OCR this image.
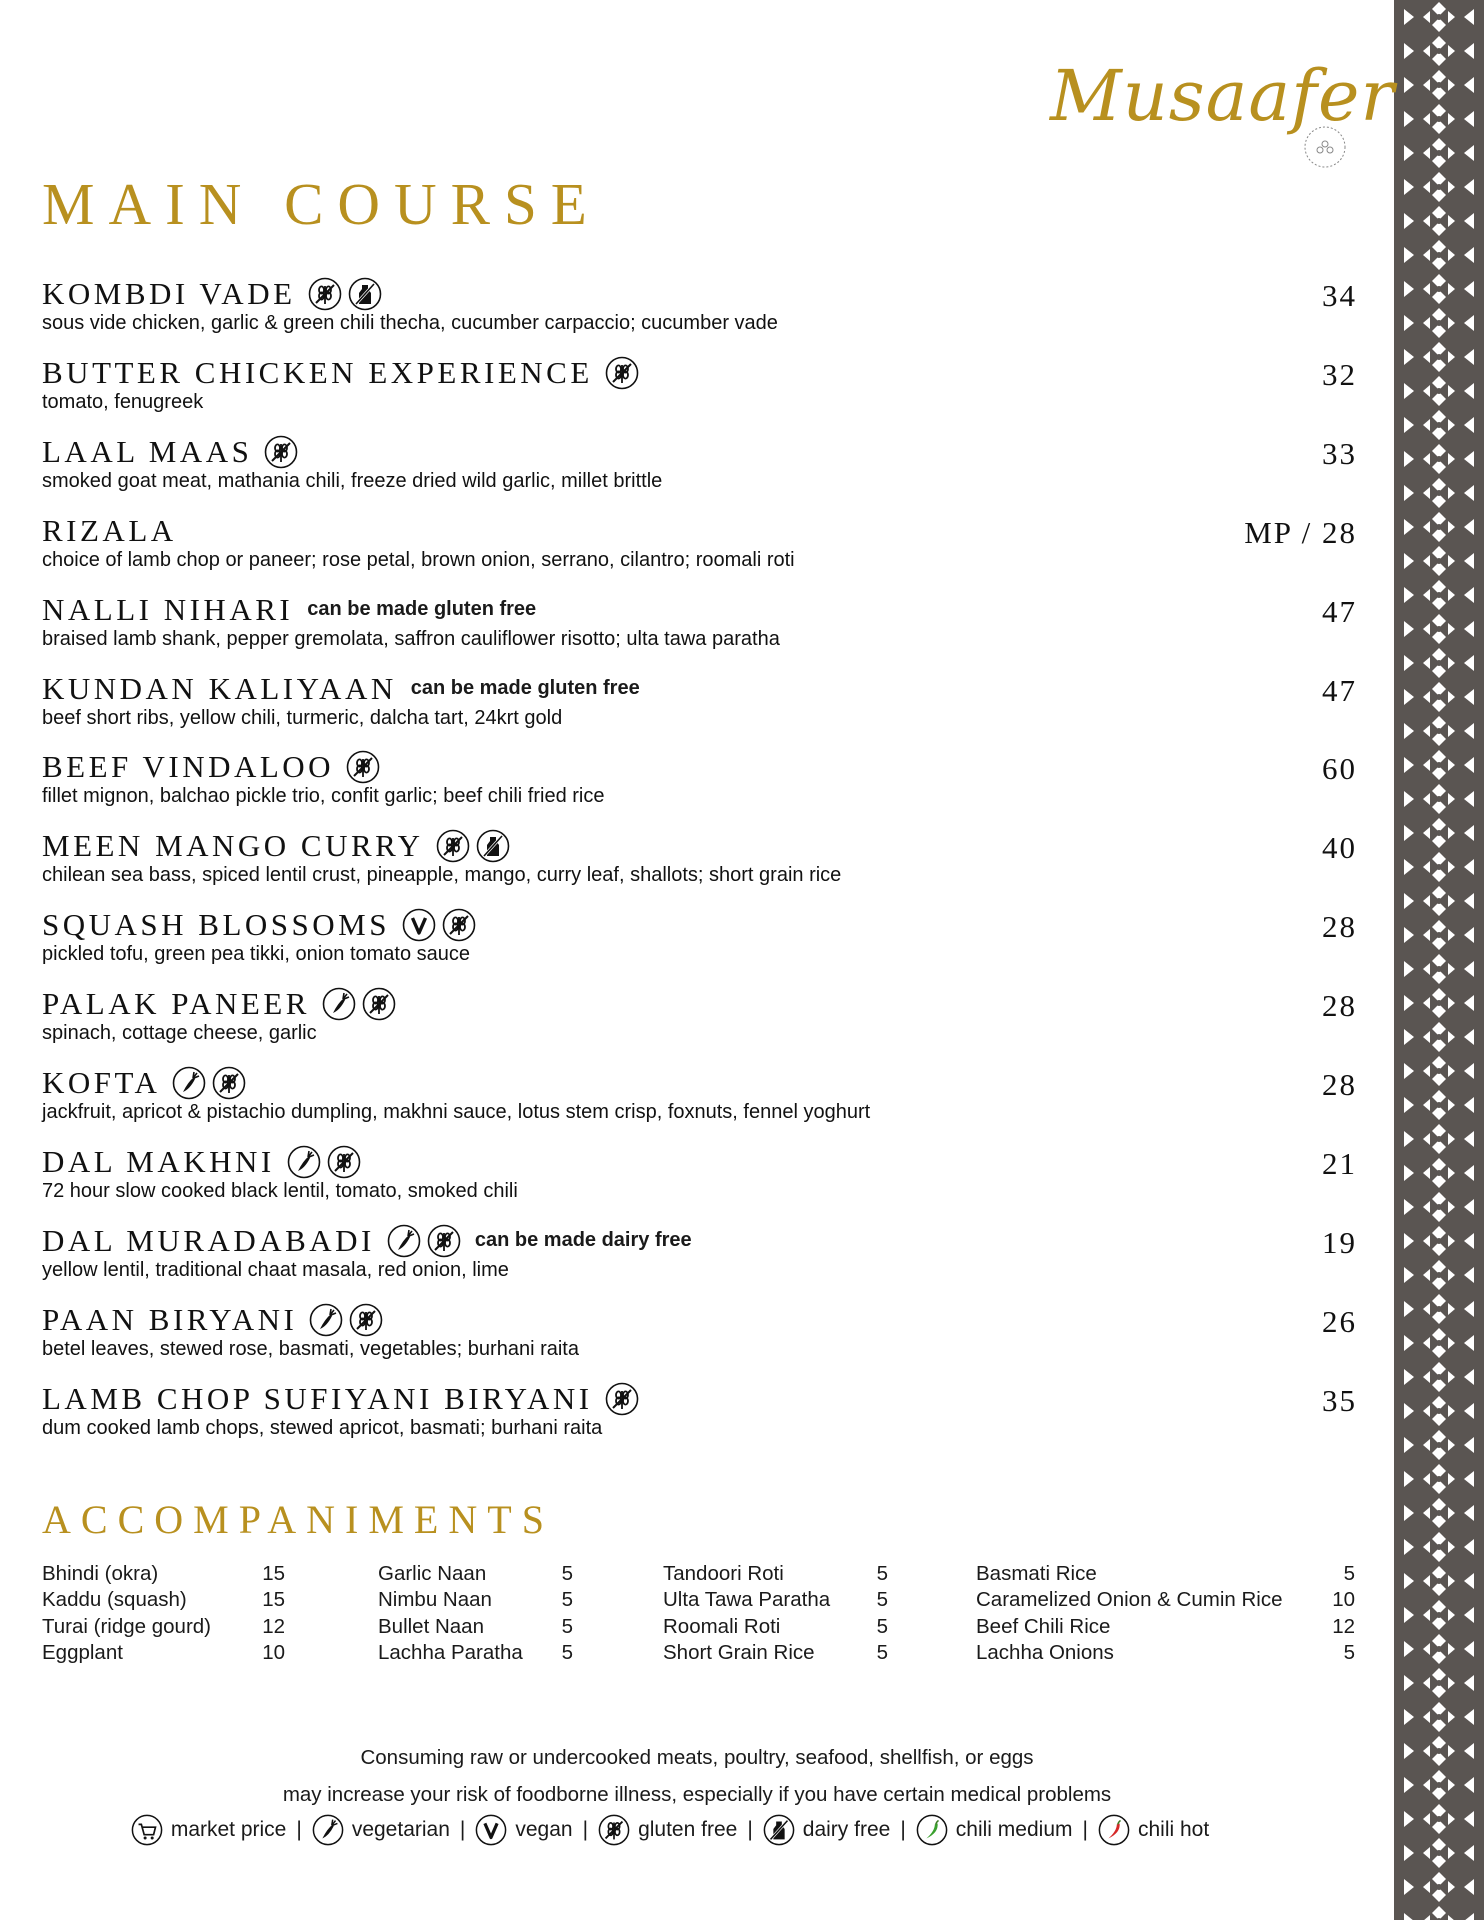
Musaafer
MAIN COURSE
KOMBDI VADE	34
sous vide chicken, garlic & green chili thecha, cucumber carpaccio; cucumber vade
BUTTER CHICKEN EXPERIENCE	32
tomato, fenugreek
LAAL MAAS	33
smoked goat meat, mathania chili, freeze dried wild garlic, millet brittle
RIZALA	MP / 28
choice of lamb chop or paneer; rose petal, brown onion, serrano, cilantro; roomali roti
NALLI NIHARI can be made gluten free	47
braised lamb shank, pepper gremolata, saffron cauliflower risotto; ulta tawa paratha
KUNDAN KALIYAAN can be made gluten free	47
beef short ribs, yellow chili, turmeric, dalcha tart, 24krt gold
BEEF VINDALOO	60
fillet mignon, balchao pickle trio, confit garlic; beef chili fried rice
MEEN MANGO CURRY	40
chilean sea bass, spiced lentil crust, pineapple, mango, curry leaf, shallots; short grain rice
SQUASH BLOSSOMS	28
pickled tofu, green pea tikki, onion tomato sauce
PALAK PANEER	28
spinach, cottage cheese, garlic
KOFTA	28
jackfruit, apricot & pistachio dumpling, makhni sauce, lotus stem crisp, foxnuts, fennel yoghurt
DAL MAKHNI	21
72 hour slow cooked black lentil, tomato, smoked chili
DAL MURADABADI	can be made dairy free	19
yellow lentil, traditional chaat masala, red onion, lime
PAAN BIRYANI	26
betel leaves, stewed rose, basmati, vegetables; burhani raita
LAMB CHOP SUFIYANI BIRYANI	35
dum cooked lamb chops, stewed apricot, basmati; burhani raita
ACCOMPANIMENTS
Bhindi (okra)	15
Kaddu (squash)	15
Turai (ridge gourd) 12
Eggplant	10
Garlic Naan	5
Nimbu Naan	5
Bullet Naan	5
Lachha Paratha 5
Tandoori Roti	5
Ulta Tawa Paratha 5
Roomali Roti	5
Short Grain Rice	5
Basmati Rice	5
Caramelized Onion & Cumin Rice 10
Beef Chili Rice	12
Lachha Onions	5
Consuming raw or undercooked meats, poultry, seafood, shellfish, or eggs
may increase your risk of foodborne illness, especially if you have certain medical problems
market price | vegetarian | vegan | gluten free | dairy free | chili medium | chili hot
